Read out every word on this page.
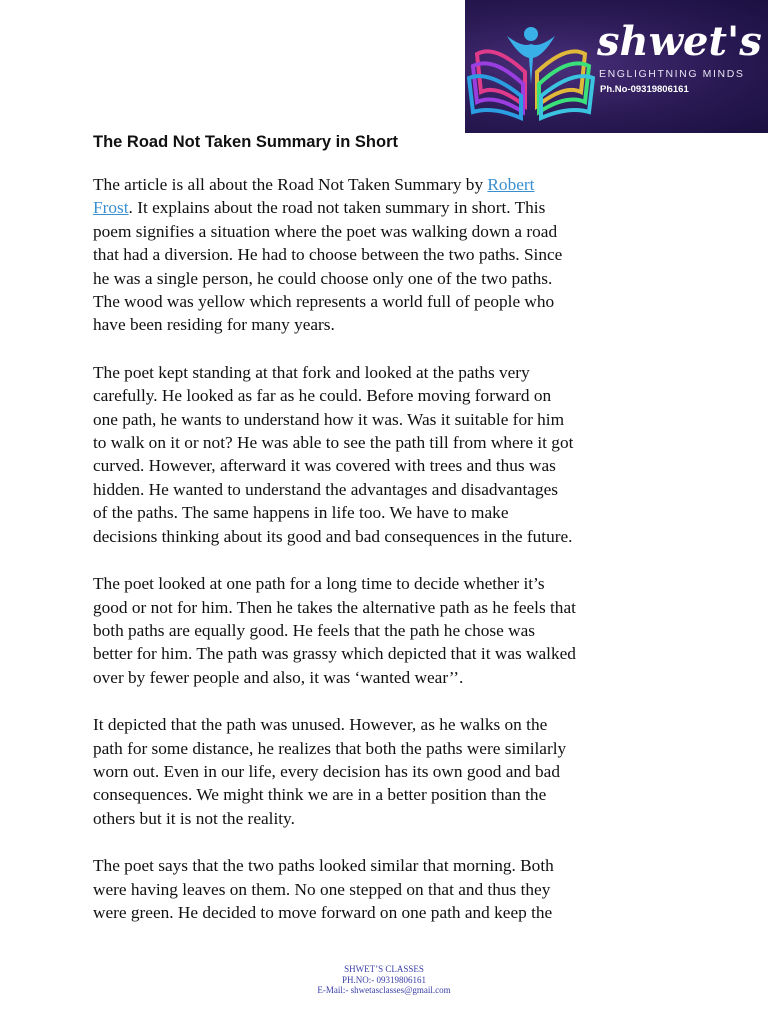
shwet's
ENGLIGHTNING MINDS
Ph.No-09319806161
The Road Not Taken Summary in Short

The article is all about the Road Not Taken Summary by Robert
Frost. It explains about the road not taken summary in short. This
poem signifies a situation where the poet was walking down a road
that had a diversion. He had to choose between the two paths. Since
he was a single person, he could choose only one of the two paths.
The wood was yellow which represents a world full of people who
have been residing for many years.

The poet kept standing at that fork and looked at the paths very
carefully. He looked as far as he could. Before moving forward on
one path, he wants to understand how it was. Was it suitable for him
to walk on it or not? He was able to see the path till from where it got
curved. However, afterward it was covered with trees and thus was
hidden. He wanted to understand the advantages and disadvantages
of the paths. The same happens in life too. We have to make
decisions thinking about its good and bad consequences in the future.

The poet looked at one path for a long time to decide whether it’s
good or not for him. Then he takes the alternative path as he feels that
both paths are equally good. He feels that the path he chose was
better for him. The path was grassy which depicted that it was walked
over by fewer people and also, it was ‘wanted wear’’.

It depicted that the path was unused. However, as he walks on the
path for some distance, he realizes that both the paths were similarly
worn out. Even in our life, every decision has its own good and bad
consequences. We might think we are in a better position than the
others but it is not the reality.

The poet says that the two paths looked similar that morning. Both
were having leaves on them. No one stepped on that and thus they
were green. He decided to move forward on one path and keep the

SHWET’S CLASSES
PH.NO:- 09319806161
E-Mail:- shwetasclasses@gmail.com
